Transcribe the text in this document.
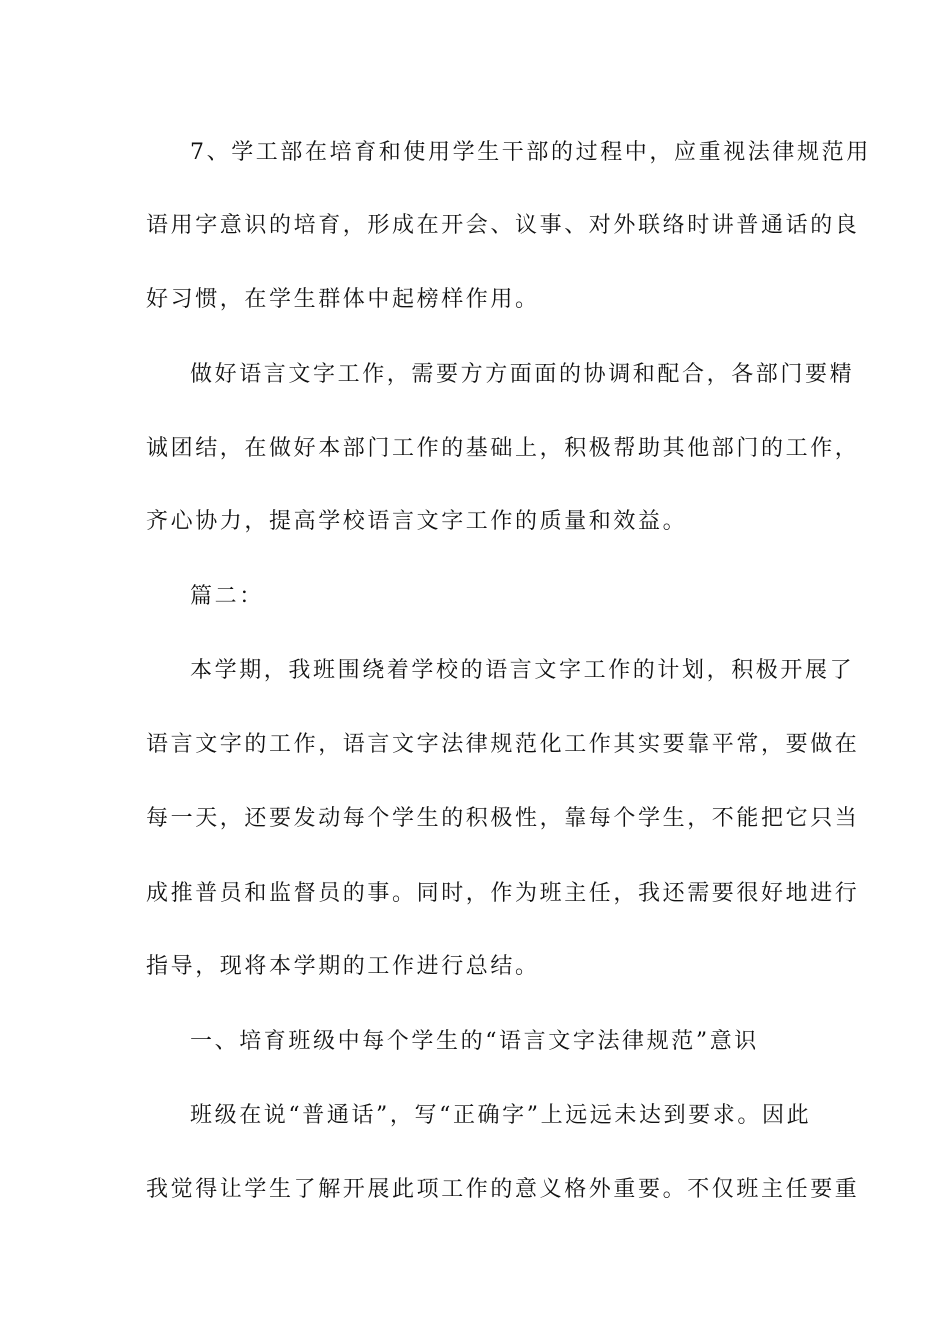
7、学工部在培育和使用学生干部的过程中，应重视法律规范用
语用字意识的培育，形成在开会、议事、对外联络时讲普通话的良
好习惯，在学生群体中起榜样作用。
做好语言文字工作，需要方方面面的协调和配合，各部门要精
诚团结，在做好本部门工作的基础上，积极帮助其他部门的工作，
齐心协力，提高学校语言文字工作的质量和效益。
篇二：
本学期，我班围绕着学校的语言文字工作的计划，积极开展了
语言文字的工作，语言文字法律规范化工作其实要靠平常，要做在
每一天，还要发动每个学生的积极性，靠每个学生，不能把它只当
成推普员和监督员的事。同时，作为班主任，我还需要很好地进行
指导，现将本学期的工作进行总结。
一、培育班级中每个学生的“语言文字法律规范”意识
班级在说“普通话”，写“正确字”上远远未达到要求。因此
我觉得让学生了解开展此项工作的意义格外重要。不仅班主任要重
